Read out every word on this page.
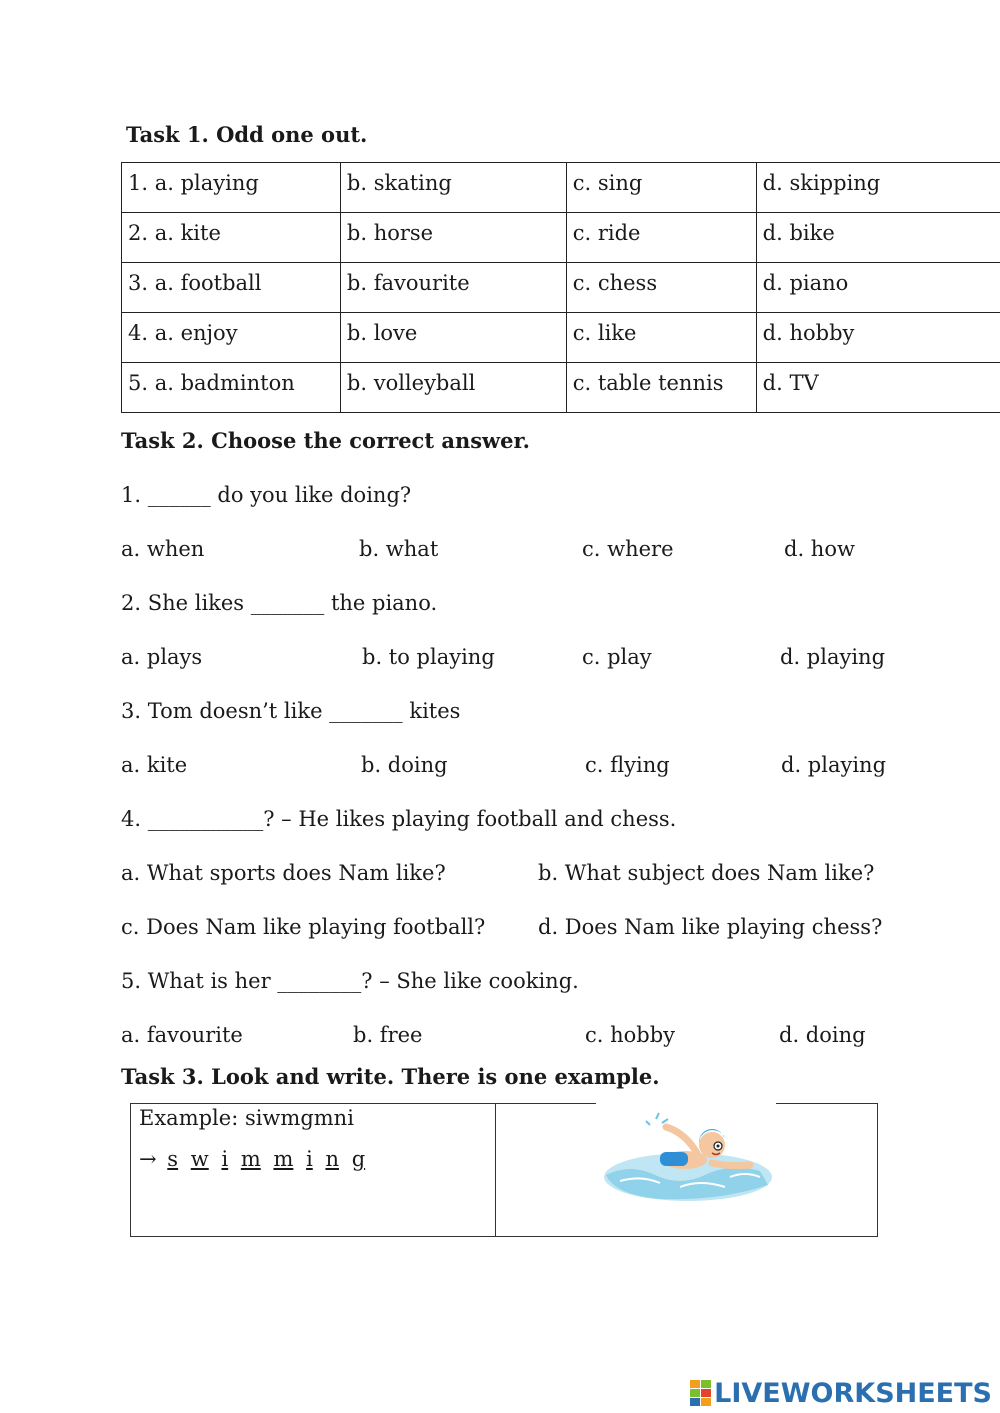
Task 1. Odd one out.
1. a. playing	b. skating	c. sing	d. skipping
2. a. kite	b. horse	c. ride	d. bike
3. a. football	b. favourite	c. chess	d. piano
4. a. enjoy	b. love	c. like	d. hobby
5. a. badminton	b. volleyball	c. table tennis	d. TV
Task 2. Choose the correct answer.
1. ______ do you like doing?
a. when	b. what	c. where	d. how
2. She likes _______ the piano.
a. plays	b. to playing	c. play	d. playing
3. Tom doesn’t like _______ kites
a. kite	b. doing	c. flying	d. playing
4. ___________? – He likes playing football and chess.
a. What sports does Nam like?	b. What subject does Nam like?
c. Does Nam like playing football?	d. Does Nam like playing chess?
5. What is her ________? – She like cooking.
a. favourite	b. free	c. hobby	d. doing
Task 3. Look and write. There is one example.
Example: siwmgmni
→ s w i m m i n g
LIVEWORKSHEETS
